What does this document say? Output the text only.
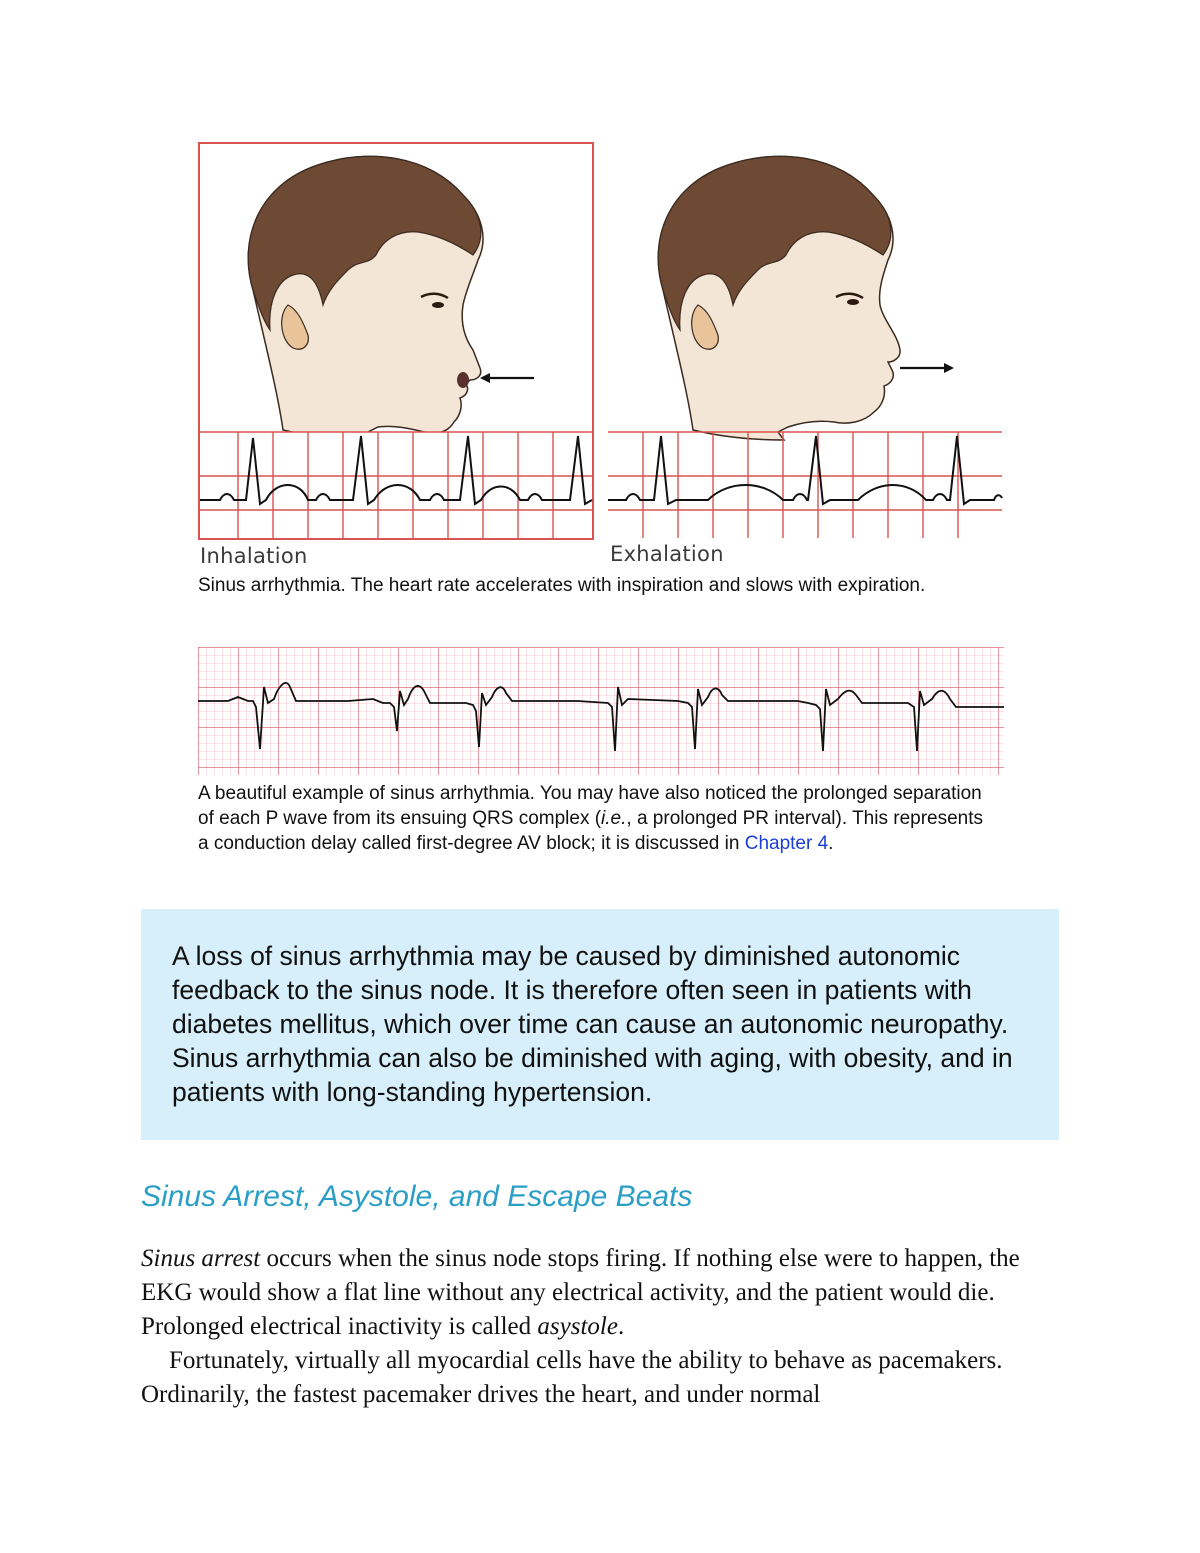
Inhalation	Exhalation
Sinus arrhythmia. The heart rate accelerates with inspiration and slows with expiration.
A beautiful example of sinus arrhythmia. You may have also noticed the prolonged separation of each P wave from its ensuing QRS complex (i.e., a prolonged PR interval). This represents a conduction delay called first-degree AV block; it is discussed in Chapter 4.
A loss of sinus arrhythmia may be caused by diminished autonomic feedback to the sinus node. It is therefore often seen in patients with diabetes mellitus, which over time can cause an autonomic neuropathy. Sinus arrhythmia can also be diminished with aging, with obesity, and in patients with long-standing hypertension.
Sinus Arrest, Asystole, and Escape Beats
Sinus arrest occurs when the sinus node stops firing. If nothing else were to happen, the EKG would show a flat line without any electrical activity, and the patient would die. Prolonged electrical inactivity is called asystole.
Fortunately, virtually all myocardial cells have the ability to behave as pacemakers. Ordinarily, the fastest pacemaker drives the heart, and under normal
